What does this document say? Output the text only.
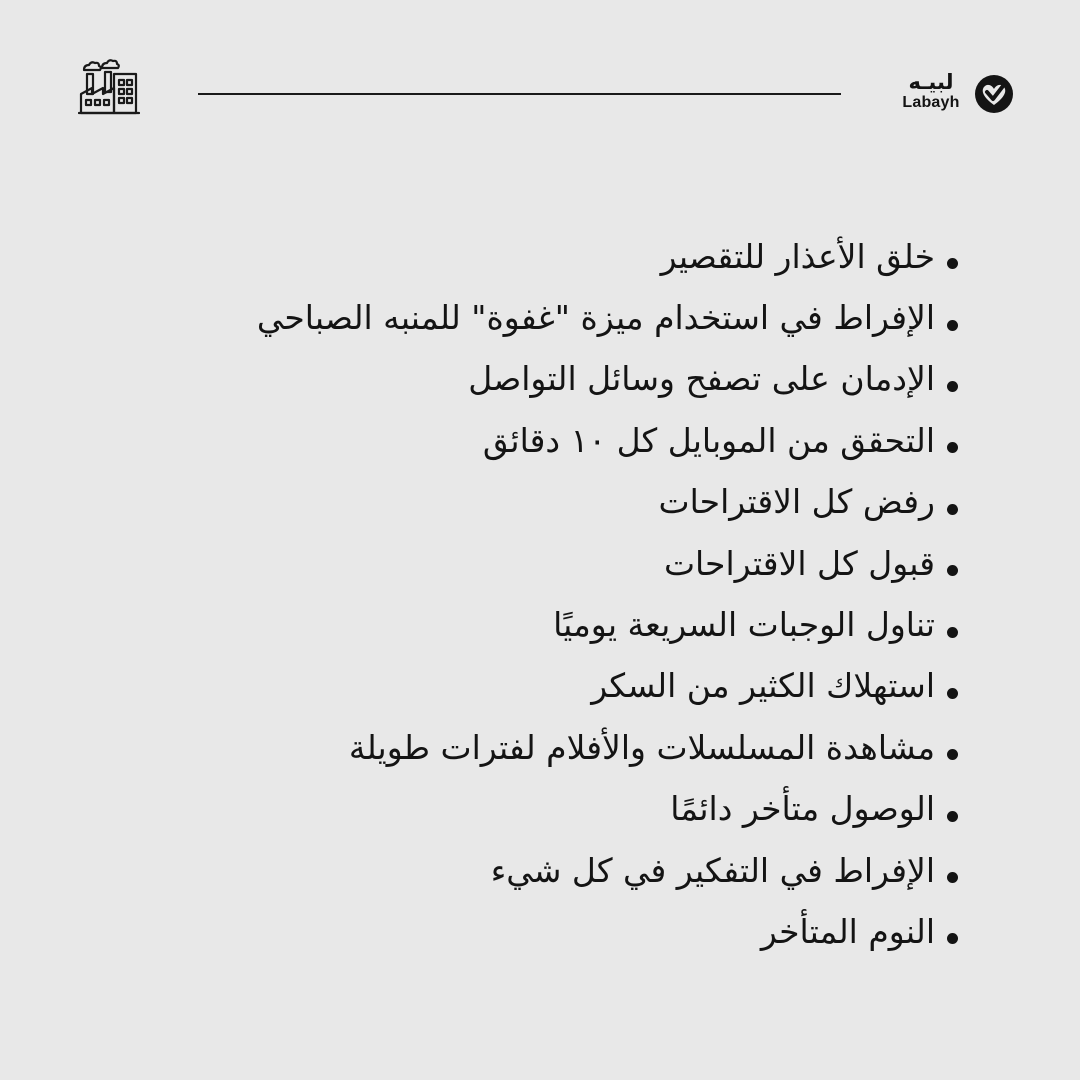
لبيـه
Labayh
خلق الأعذار للتقصير
الإفراط في استخدام ميزة "غفوة" للمنبه الصباحي
الإدمان على تصفح وسائل التواصل
التحقق من الموبايل كل ١٠ دقائق
رفض كل الاقتراحات
قبول كل الاقتراحات
تناول الوجبات السريعة يوميًا
استهلاك الكثير من السكر
مشاهدة المسلسلات والأفلام لفترات طويلة
الوصول متأخر دائمًا
الإفراط في التفكير في كل شيء
النوم المتأخر
